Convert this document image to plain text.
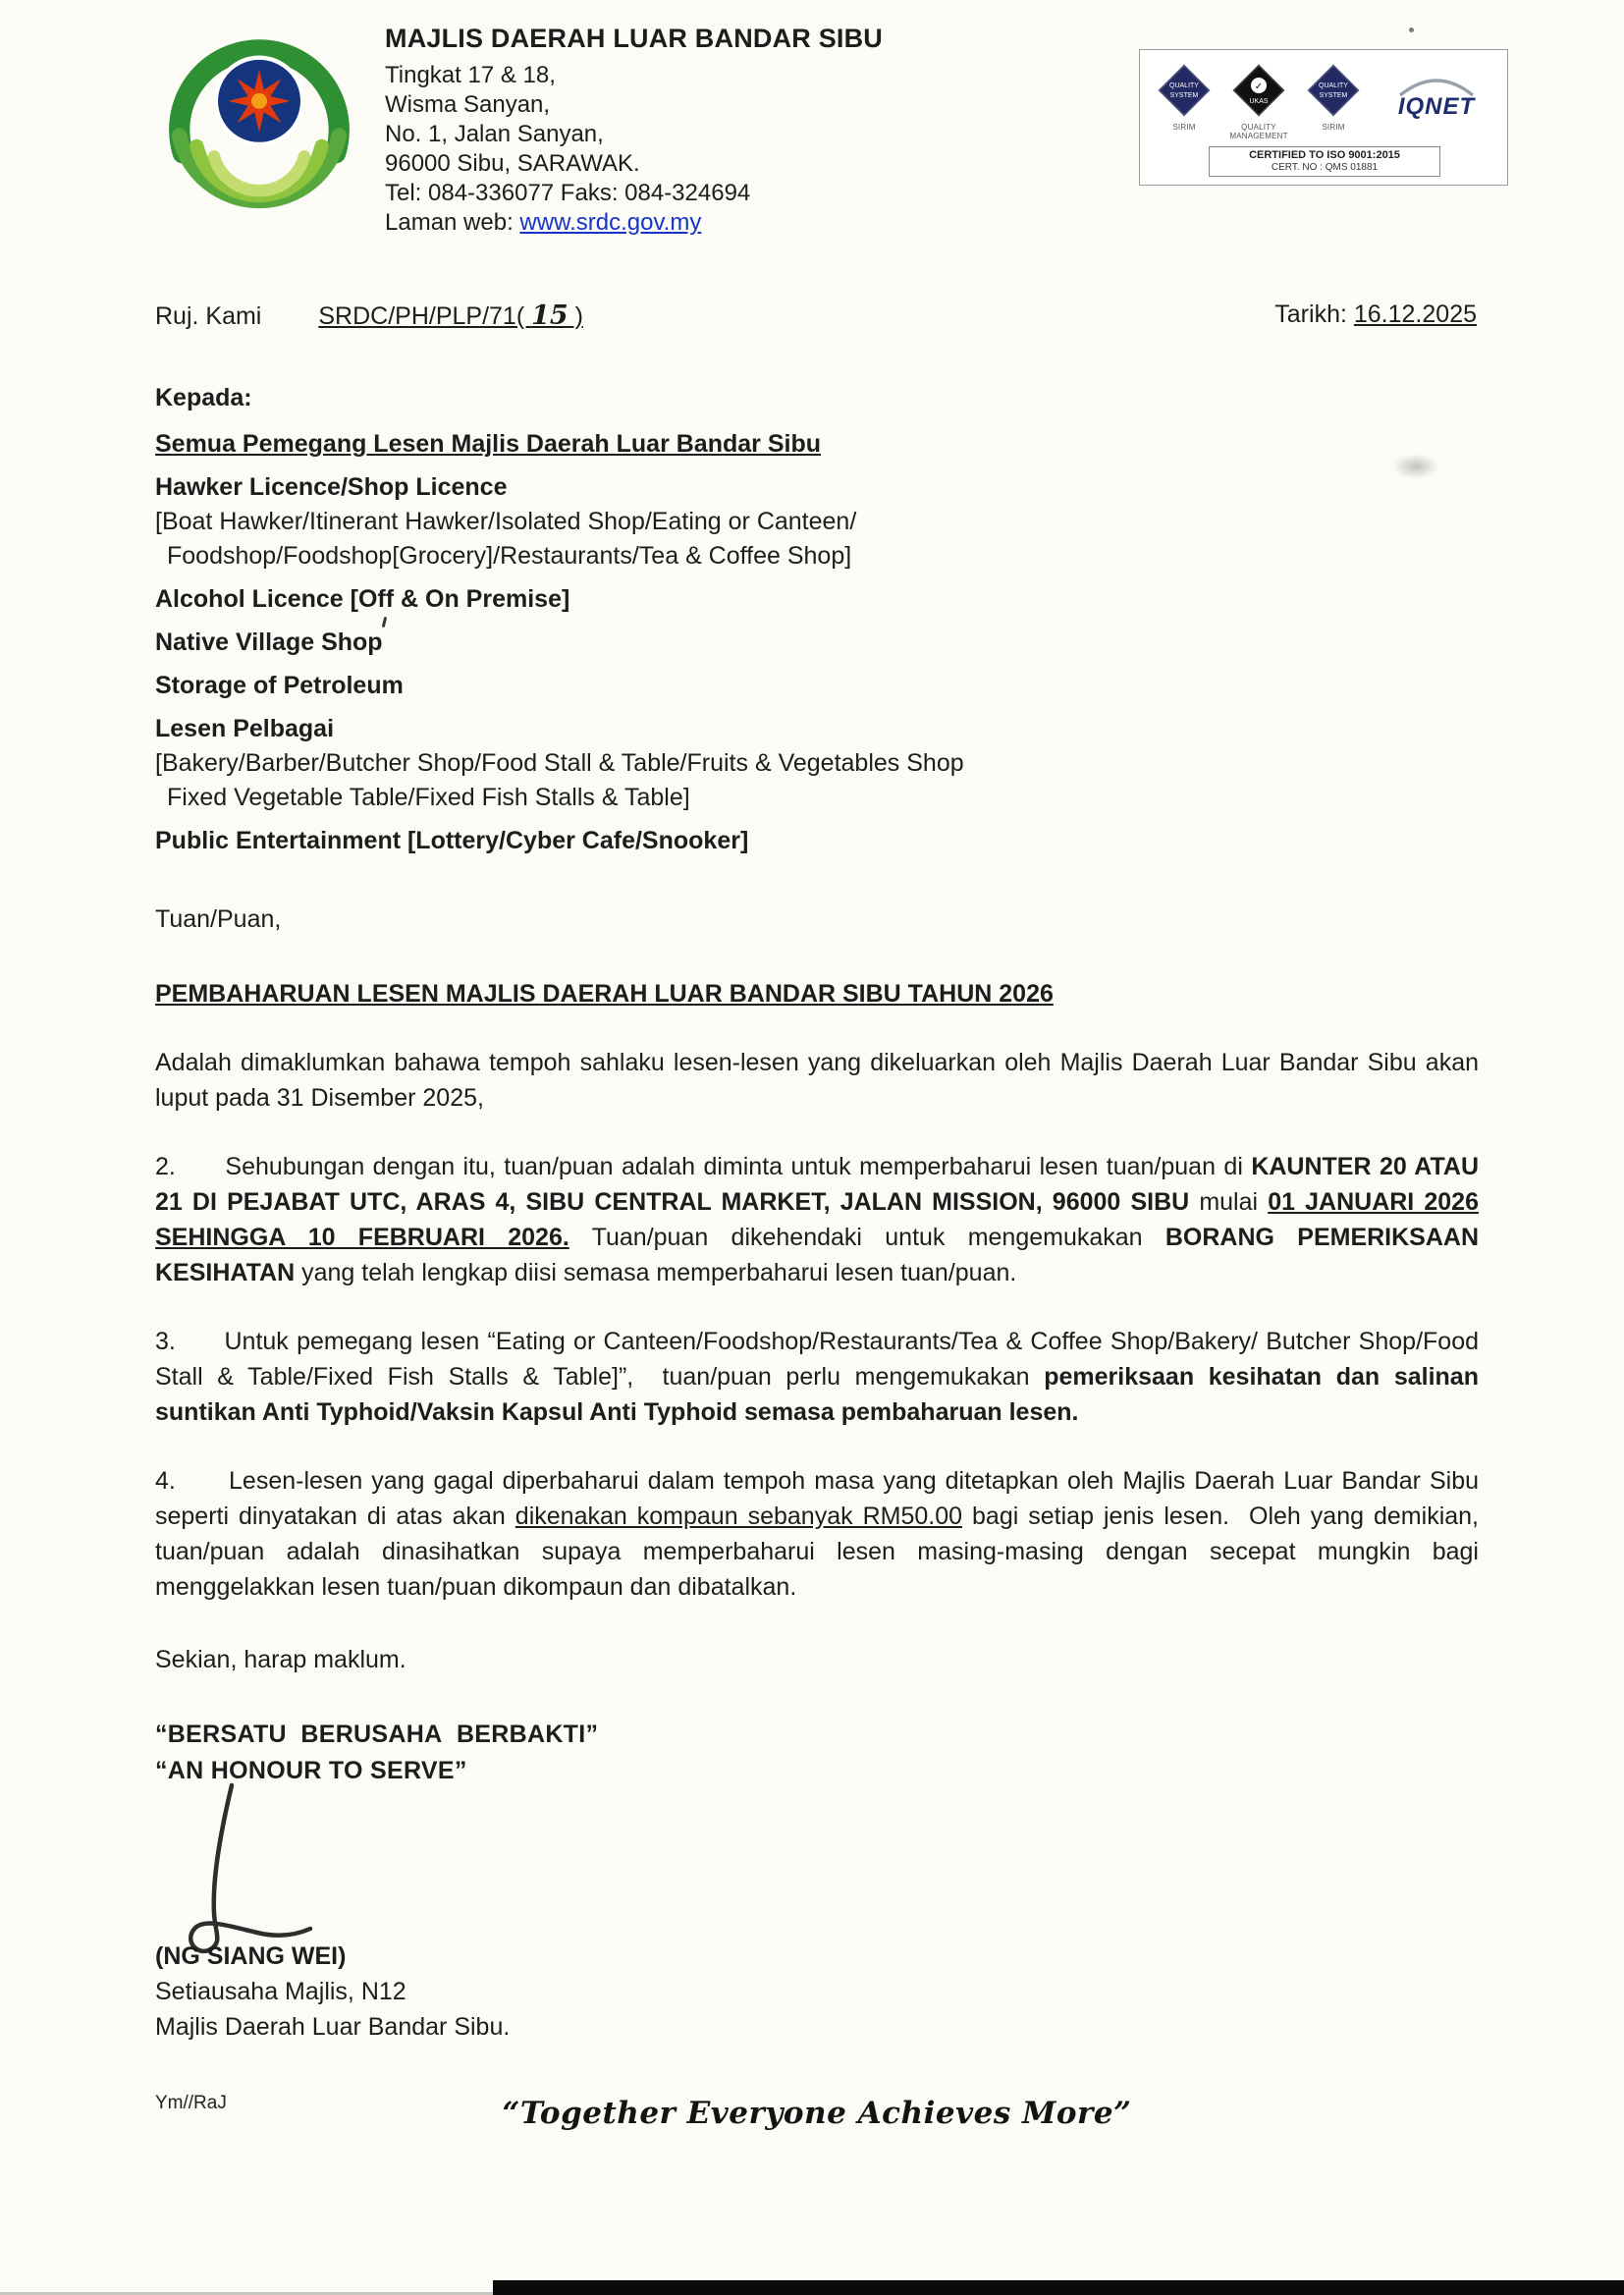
MAJLIS DAERAH LUAR BANDAR SIBU
Tingkat 17 & 18,
Wisma Sanyan,
No. 1, Jalan Sanyan,
96000 Sibu, SARAWAK.
Tel: 084-336077 Faks: 084-324694
Laman web: www.srdc.gov.my
QUALITY
SYSTEM
SIRIM
✓
UKAS
QUALITY MANAGEMENT
QUALITY
SYSTEM
SIRIM
IQNET
CERTIFIED TO ISO 9001:2015
CERT. NO : QMS 01881
Ruj. Kami SRDC/PH/PLP/71( 15 )	Tarikh: 16.12.2025
Kepada:
Semua Pemegang Lesen Majlis Daerah Luar Bandar Sibu
Hawker Licence/Shop Licence
[Boat Hawker/Itinerant Hawker/Isolated Shop/Eating or Canteen/
Foodshop/Foodshop[Grocery]/Restaurants/Tea & Coffee Shop]
Alcohol Licence [Off & On Premise]
Native Village Shop
Storage of Petroleum
Lesen Pelbagai
[Bakery/Barber/Butcher Shop/Food Stall & Table/Fruits & Vegetables Shop
Fixed Vegetable Table/Fixed Fish Stalls & Table]
Public Entertainment [Lottery/Cyber Cafe/Snooker]
Tuan/Puan,
PEMBAHARUAN LESEN MAJLIS DAERAH LUAR BANDAR SIBU TAHUN 2026

Adalah dimaklumkan bahawa tempoh sahlaku lesen-lesen yang dikeluarkan oleh Majlis Daerah Luar Bandar Sibu akan luput pada 31 Disember 2025,

2.      Sehubungan dengan itu, tuan/puan adalah diminta untuk memperbaharui lesen tuan/puan di KAUNTER 20 ATAU 21 DI PEJABAT UTC, ARAS 4, SIBU CENTRAL MARKET, JALAN MISSION, 96000 SIBU mulai 01 JANUARI 2026 SEHINGGA 10 FEBRUARI 2026. Tuan/puan dikehendaki untuk mengemukakan BORANG PEMERIKSAAN KESIHATAN yang telah lengkap diisi semasa memperbaharui lesen tuan/puan.

3.      Untuk pemegang lesen “Eating or Canteen/Foodshop/Restaurants/Tea & Coffee Shop/Bakery/ Butcher Shop/Food Stall & Table/Fixed Fish Stalls & Table]”,  tuan/puan perlu mengemukakan pemeriksaan kesihatan dan salinan suntikan Anti Typhoid/Vaksin Kapsul Anti Typhoid semasa pembaharuan lesen.

4.      Lesen-lesen yang gagal diperbaharui dalam tempoh masa yang ditetapkan oleh Majlis Daerah Luar Bandar Sibu seperti dinyatakan di atas akan dikenakan kompaun sebanyak RM50.00 bagi setiap jenis lesen.  Oleh yang demikian, tuan/puan adalah dinasihatkan supaya memperbaharui lesen masing-masing dengan secepat mungkin bagi menggelakkan lesen tuan/puan dikompaun dan dibatalkan.

Sekian, harap maklum.
“BERSATU  BERUSAHA  BERBAKTI”
“AN HONOUR TO SERVE”
(NG SIANG WEI)
Setiausaha Majlis, N12
Majlis Daerah Luar Bandar Sibu.
Ym//RaJ	“Together Everyone Achieves More”
